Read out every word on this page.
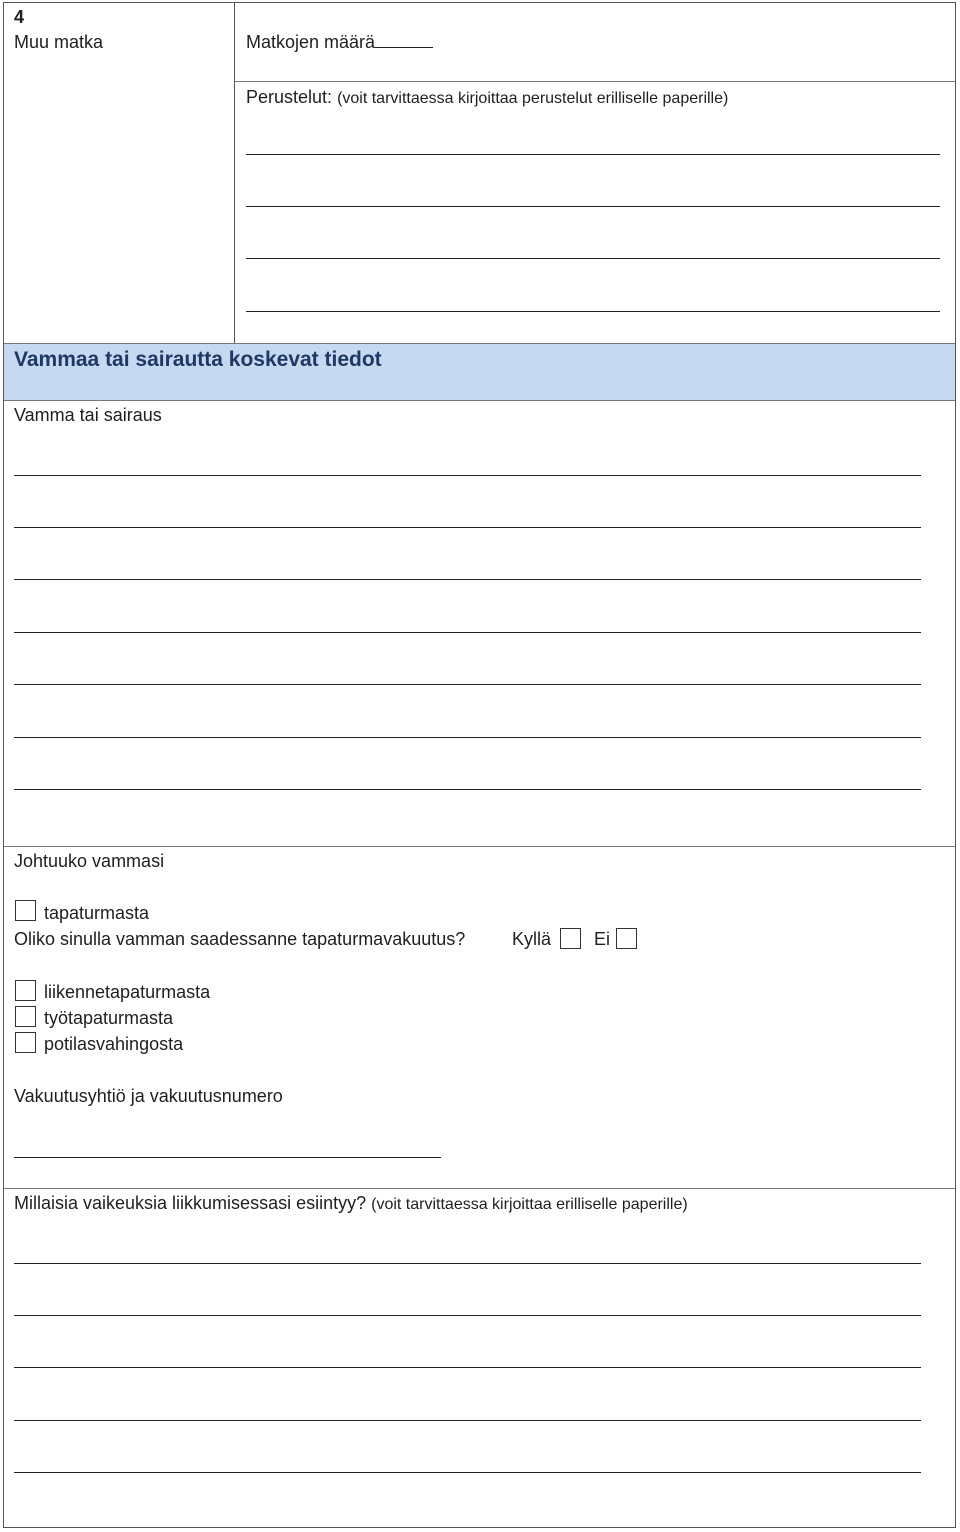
4
Muu matka	Matkojen määrä
Perustelut: (voit tarvittaessa kirjoittaa perustelut erilliselle paperille)
Vammaa tai sairautta koskevat tiedot
Vamma tai sairaus
Johtuuko vammasi
tapaturmasta
Oliko sinulla vamman saadessanne tapaturmavakuutus?	Kyllä Ei
liikennetapaturmasta
työtapaturmasta
potilasvahingosta
Vakuutusyhtiö ja vakuutusnumero
Millaisia vaikeuksia liikkumisessasi esiintyy? (voit tarvittaessa kirjoittaa erilliselle paperille)
